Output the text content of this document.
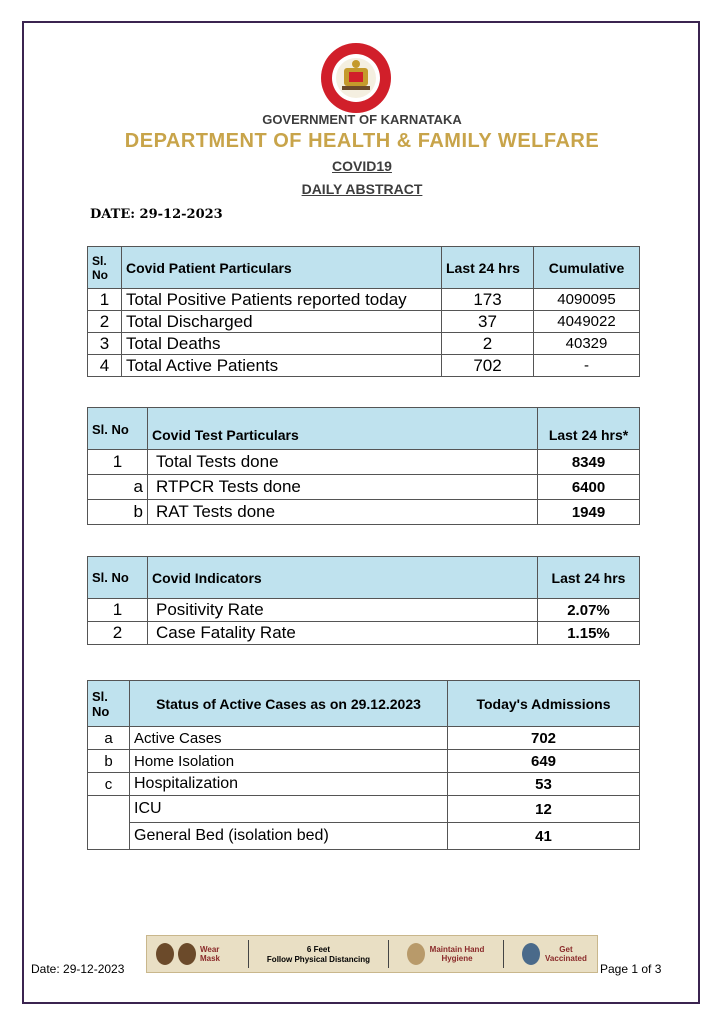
GOVERNMENT OF KARNATAKA
DEPARTMENT OF HEALTH & FAMILY WELFARE
COVID19
DAILY ABSTRACT
DATE: 29-12-2023
Sl. No	Covid Patient Particulars	Last 24 hrs	Cumulative
1	Total Positive Patients reported today	173	4090095
2	Total Discharged	37	4049022
3	Total Deaths	2	40329
4	Total Active Patients	702	-
Sl. No	Covid Test Particulars	Last 24 hrs*
1	Total Tests done	8349
a	RTPCR Tests done	6400
b	RAT Tests done	1949
Sl. No	Covid Indicators	Last 24 hrs
1	Positivity Rate	2.07%
2	Case Fatality Rate	1.15%
Sl. No	Status of Active Cases as on 29.12.2023	Today's Admissions
a	Active Cases	702
b	Home Isolation	649
c	Hospitalization	53
	ICU	12
	General Bed (isolation bed)	41
Wear Mask
6 Feet
Follow Physical Distancing
Maintain Hand Hygiene
Get Vaccinated
Date: 29-12-2023	Page 1 of 3
